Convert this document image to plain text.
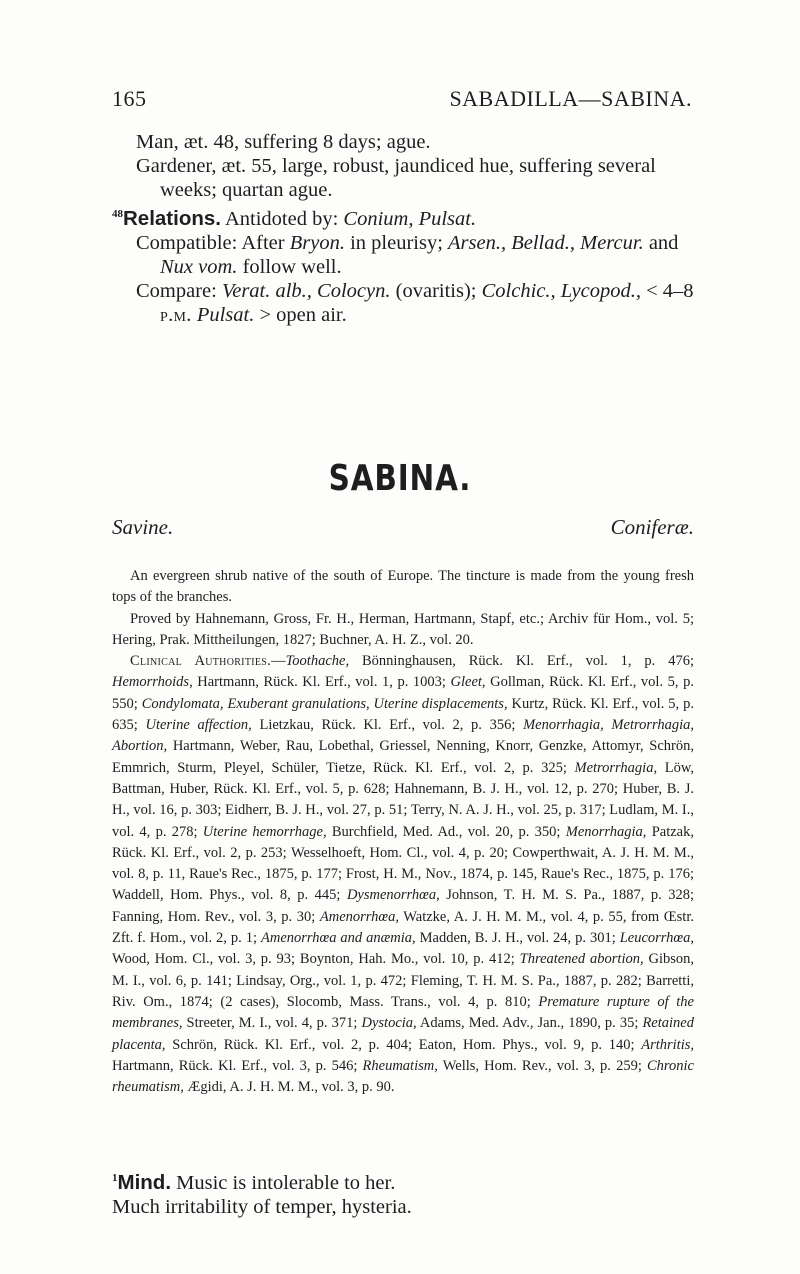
165	SABADILLA—SABINA.

Man, æt. 48, suffering 8 days; ague.

Gardener, æt. 55, large, robust, jaundiced hue, suffering several weeks; quartan ague.

$^{48}$Relations. Antidoted by: Conium, Pulsat.

Compatible: After Bryon. in pleurisy; Arsen., Bellad., Mercur. and Nux vom. follow well.

Compare: Verat. alb., Colocyn. (ovaritis); Colchic., Lycopod., < 4–8 p.m. Pulsat. > open air.

SABINA.
Savine.	Coniferæ.

An evergreen shrub native of the south of Europe. The tincture is made from the young fresh tops of the branches.

Proved by Hahnemann, Gross, Fr. H., Herman, Hartmann, Stapf, etc.; Archiv für Hom., vol. 5; Hering, Prak. Mittheilungen, 1827; Buchner, A. H. Z., vol. 20.

Clinical Authorities.—Toothache, Bönninghausen, Rück. Kl. Erf., vol. 1, p. 476; Hemorrhoids, Hartmann, Rück. Kl. Erf., vol. 1, p. 1003; Gleet, Gollman, Rück. Kl. Erf., vol. 5, p. 550; Condylomata, Exuberant granulations, Uterine displacements, Kurtz, Rück. Kl. Erf., vol. 5, p. 635; Uterine affection, Lietzkau, Rück. Kl. Erf., vol. 2, p. 356; Menorrhagia, Metrorrhagia, Abortion, Hartmann, Weber, Rau, Lobethal, Griessel, Nenning, Knorr, Genzke, Attomyr, Schrön, Emmrich, Sturm, Pleyel, Schüler, Tietze, Rück. Kl. Erf., vol. 2, p. 325; Metrorrhagia, Löw, Battman, Huber, Rück. Kl. Erf., vol. 5, p. 628; Hahnemann, B. J. H., vol. 12, p. 270; Huber, B. J. H., vol. 16, p. 303; Eidherr, B. J. H., vol. 27, p. 51; Terry, N. A. J. H., vol. 25, p. 317; Ludlam, M. I., vol. 4, p. 278; Uterine hemorrhage, Burchfield, Med. Ad., vol. 20, p. 350; Menorrhagia, Patzak, Rück. Kl. Erf., vol. 2, p. 253; Wesselhoeft, Hom. Cl., vol. 4, p. 20; Cowperthwait, A. J. H. M. M., vol. 8, p. 11, Raue's Rec., 1875, p. 177; Frost, H. M., Nov., 1874, p. 145, Raue's Rec., 1875, p. 176; Waddell, Hom. Phys., vol. 8, p. 445; Dysmenorrhœa, Johnson, T. H. M. S. Pa., 1887, p. 328; Fanning, Hom. Rev., vol. 3, p. 30; Amenorrhœa, Watzke, A. J. H. M. M., vol. 4, p. 55, from Œstr. Zft. f. Hom., vol. 2, p. 1; Amenorrhœa and anæmia, Madden, B. J. H., vol. 24, p. 301; Leucorrhœa, Wood, Hom. Cl., vol. 3, p. 93; Boynton, Hah. Mo., vol. 10, p. 412; Threatened abortion, Gibson, M. I., vol. 6, p. 141; Lindsay, Org., vol. 1, p. 472; Fleming, T. H. M. S. Pa., 1887, p. 282; Barretti, Riv. Om., 1874; (2 cases), Slocomb, Mass. Trans., vol. 4, p. 810; Premature rupture of the membranes, Streeter, M. I., vol. 4, p. 371; Dystocia, Adams, Med. Adv., Jan., 1890, p. 35; Retained placenta, Schrön, Rück. Kl. Erf., vol. 2, p. 404; Eaton, Hom. Phys., vol. 9, p. 140; Arthritis, Hartmann, Rück. Kl. Erf., vol. 3, p. 546; Rheumatism, Wells, Hom. Rev., vol. 3, p. 259; Chronic rheumatism, Ægidi, A. J. H. M. M., vol. 3, p. 90.

$^1$Mind. Music is intolerable to her.

Much irritability of temper, hysteria.
